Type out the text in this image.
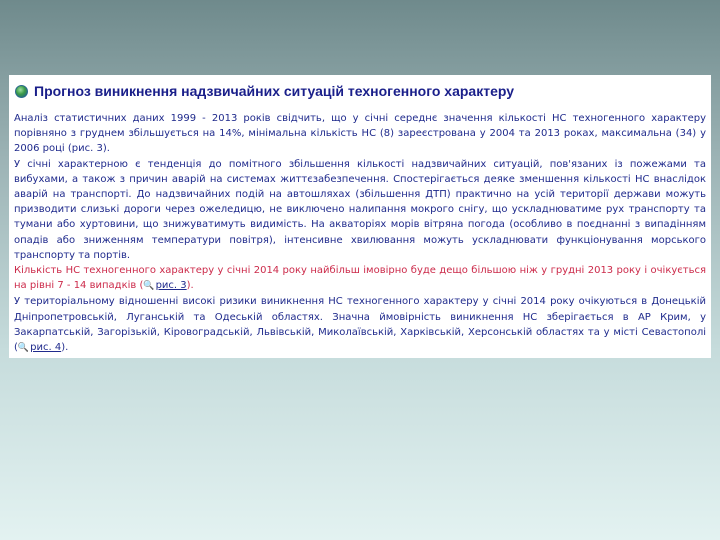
Прогноз виникнення надзвичайних ситуацій техногенного характеру

Аналіз статистичних даних 1999 - 2013 років свідчить, що у січні середнє значення кількості НС техногенного характеру порівняно з груднем збільшується на 14%, мінімальна кількість НС (8) зареєстрована у 2004 та 2013 роках, максимальна (34) у 2006 році (рис. 3).

У січні характерною є тенденція до помітного збільшення кількості надзвичайних ситуацій, пов'язаних із пожежами та вибухами, а також з причин аварій на системах життєзабезпечення. Спостерігається деяке зменшення кількості НС внаслідок аварій на транспорті. До надзвичайних подій на автошляхах (збільшення ДТП) практично на усій території держави можуть призводити слизькі дороги через ожеледицю, не виключено налипання мокрого снігу, що ускладнюватиме рух транспорту та тумани або хуртовини, що знижуватимуть видимість. На акваторіях морів вітряна погода (особливо в поєднанні з випадінням опадів або зниженням температури повітря), інтенсивне хвилювання можуть ускладнювати функціонування морського транспорту та портів.

Кількість НС техногенного характеру у січні 2014 року найбільш імовірно буде дещо більшою ніж у грудні 2013 року і очікується на рівні 7 - 14 випадків (🔍рис. 3).

У територіальному відношенні високі ризики виникнення НС техногенного характеру у січні 2014 року очікуються в Донецькій Дніпропетровській, Луганській та Одеській областях. Значна ймовірність виникнення НС зберігається в АР Крим, у Закарпатській, Загорізькій, Кіровоградській, Львівській, Миколаївській, Харківській, Херсонській областях та у місті Севастополі (🔍рис. 4).
